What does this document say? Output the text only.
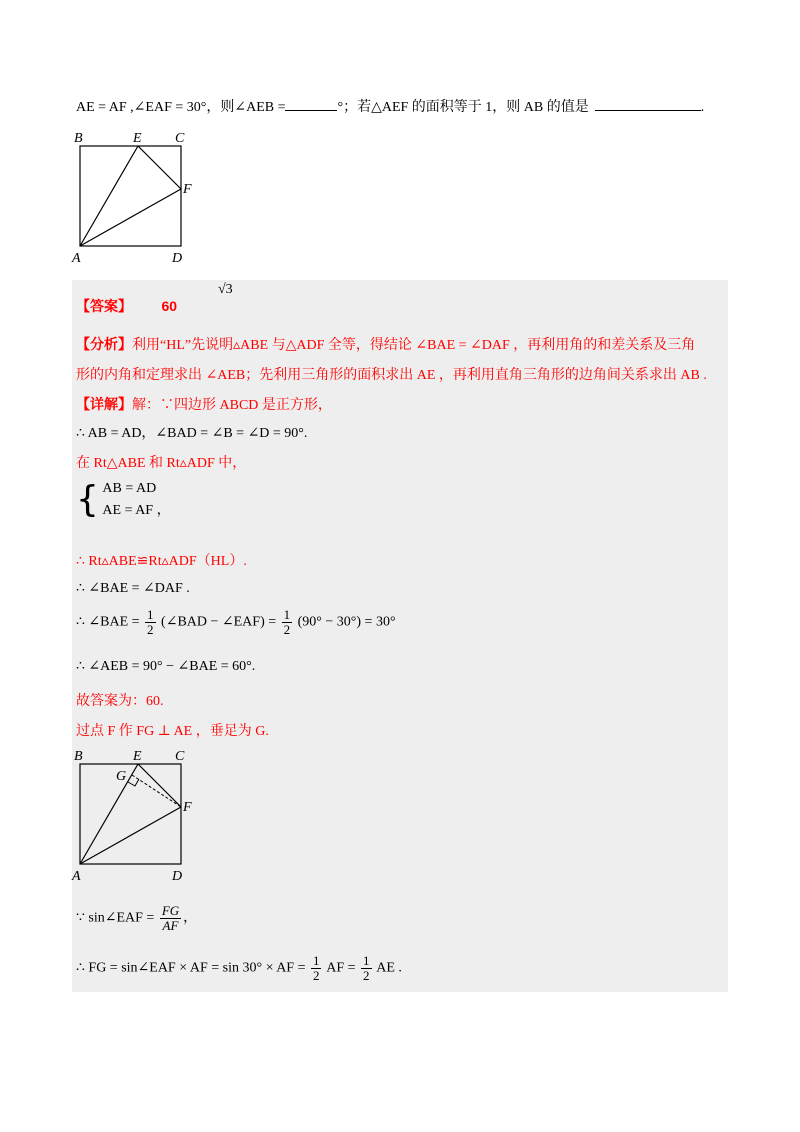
AE = AF ,∠EAF = 30°，则∠AEB =	°；若△AEF 的面积等于 1，则 AB 的值是	.
B	E C
F
A	D
【答案】 60
√3
【分析】利用“HL”先说明▵ABE 与△ADF 全等，得结论 ∠BAE = ∠DAF ，再利用角的和差关系及三角
形的内角和定理求出 ∠AEB；先利用三角形的面积求出 AE ，再利用直角三角形的边角间关系求出 AB .
【详解】解：∵四边形 ABCD 是正方形，
∴ AB = AD，∠BAD = ∠B = ∠D = 90°.
在 Rt△ABE 和 Rt▵ADF 中，
{ AB = AD
AE = AF ，
∴ Rt▵ABE≌Rt▵ADF（HL）.
∴ ∠BAE = ∠DAF .
∴ ∠BAE = $\frac{1}{2}$ (∠BAD − ∠EAF) = $\frac{1}{2} (90^\circ - 30^\circ) = 30^\circ$
∴ ∠AEB = 90° − ∠BAE = 60°.
故答案为：60.
过点 F 作 FG ⊥ AE ，垂足为 G.
B	E C
G
F
A	D
∵ sin∠EAF = $\frac{FG}{AF}$ ，
∴ FG = sin∠EAF × AF = sin 30° × AF = $\frac{1}{2}$ AF = $\frac{1}{2}$ AE .
